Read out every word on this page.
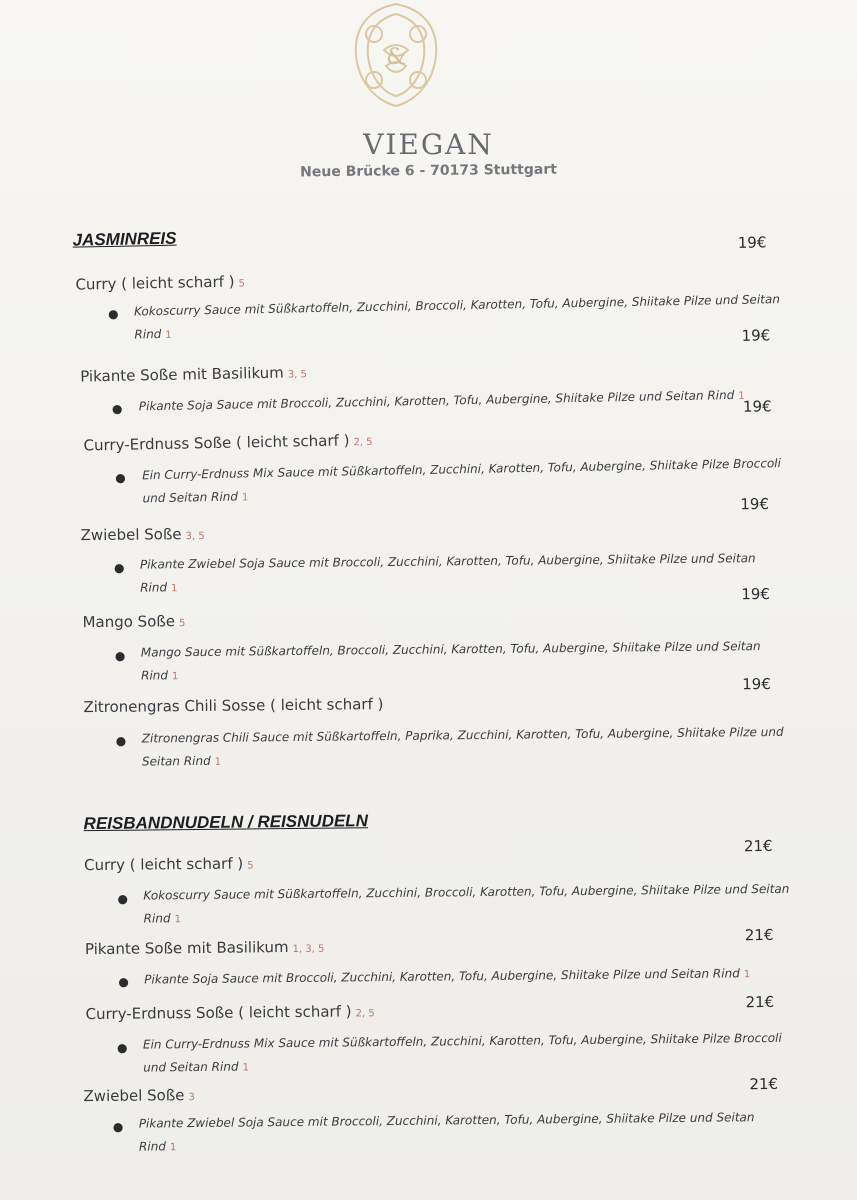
&
VIEGAN
Neue Brücke 6 - 70173 Stuttgart
JASMINREIS	19€
Curry ( leicht scharf ) 5
● Kokoscurry Sauce mit Süßkartoffeln, Zucchini, Broccoli, Karotten, Tofu, Aubergine, Shiitake Pilze und Seitan Rind 1	19€
Pikante Soße mit Basilikum 3, 5
● Pikante Soja Sauce mit Broccoli, Zucchini, Karotten, Tofu, Aubergine, Shiitake Pilze und Seitan Rind 1
19€
Curry-Erdnuss Soße ( leicht scharf ) 2, 5
● Ein Curry-Erdnuss Mix Sauce mit Süßkartoffeln, Zucchini, Karotten, Tofu, Aubergine, Shiitake Pilze Broccoli und Seitan Rind 1	19€
Zwiebel Soße 3, 5
● Pikante Zwiebel Soja Sauce mit Broccoli, Zucchini, Karotten, Tofu, Aubergine, Shiitake Pilze und Seitan Rind 1	19€
Mango Soße 5
● Mango Sauce mit Süßkartoffeln, Broccoli, Zucchini, Karotten, Tofu, Aubergine, Shiitake Pilze und Seitan Rind 1	19€
Zitronengras Chili Sosse ( leicht scharf )
● Zitronengras Chili Sauce mit Süßkartoffeln, Paprika, Zucchini, Karotten, Tofu, Aubergine, Shiitake Pilze und Seitan Rind 1
REISBANDNUDELN / REISNUDELN
21€
Curry ( leicht scharf ) 5
● Kokoscurry Sauce mit Süßkartoffeln, Zucchini, Broccoli, Karotten, Tofu, Aubergine, Shiitake Pilze und Seitan Rind 1
21€
Pikante Soße mit Basilikum 1, 3, 5
● Pikante Soja Sauce mit Broccoli, Zucchini, Karotten, Tofu, Aubergine, Shiitake Pilze und Seitan Rind 1
21€
Curry-Erdnuss Soße ( leicht scharf ) 2, 5
● Ein Curry-Erdnuss Mix Sauce mit Süßkartoffeln, Zucchini, Karotten, Tofu, Aubergine, Shiitake Pilze Broccoli und Seitan Rind 1
21€
Zwiebel Soße 3
● Pikante Zwiebel Soja Sauce mit Broccoli, Zucchini, Karotten, Tofu, Aubergine, Shiitake Pilze und Seitan Rind 1
